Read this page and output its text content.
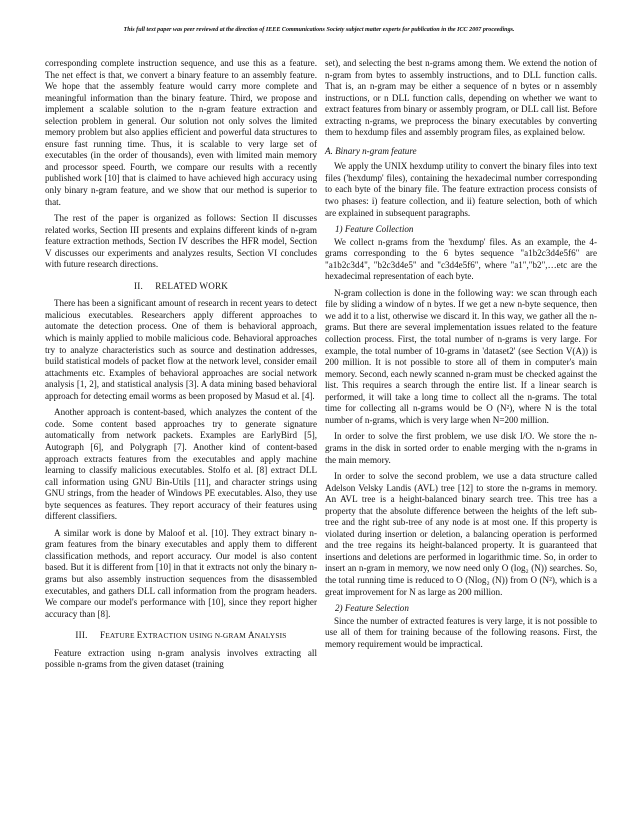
This full text paper was peer reviewed at the direction of IEEE Communications Society subject matter experts for publication in the ICC 2007 proceedings.

corresponding complete instruction sequence, and use this as a feature. The net effect is that, we convert a binary feature to an assembly feature. We hope that the assembly feature would carry more complete and meaningful information than the binary feature. Third, we propose and implement a scalable solution to the n-gram feature extraction and selection problem in general. Our solution not only solves the limited memory problem but also applies efficient and powerful data structures to ensure fast running time. Thus, it is scalable to very large set of executables (in the order of thousands), even with limited main memory and processor speed. Fourth, we compare our results with a recently published work [10] that is claimed to have achieved high accuracy using only binary n-gram feature, and we show that our method is superior to that.

The rest of the paper is organized as follows: Section II discusses related works, Section III presents and explains different kinds of n-gram feature extraction methods, Section IV describes the HFR model, Section V discusses our experiments and analyzes results, Section VI concludes with future research directions.

II. RELATED WORK

There has been a significant amount of research in recent years to detect malicious executables. Researchers apply different approaches to automate the detection process. One of them is behavioral approach, which is mainly applied to mobile malicious code. Behavioral approaches try to analyze characteristics such as source and destination addresses, build statistical models of packet flow at the network level, consider email attachments etc. Examples of behavioral approaches are social network analysis [1, 2], and statistical analysis [3]. A data mining based behavioral approach for detecting email worms as been proposed by Masud et al. [4].

Another approach is content-based, which analyzes the content of the code. Some content based approaches try to generate signature automatically from network packets. Examples are EarlyBird [5], Autograph [6], and Polygraph [7]. Another kind of content-based approach extracts features from the executables and apply machine learning to classify malicious executables. Stolfo et al. [8] extract DLL call information using GNU Bin-Utils [11], and character strings using GNU strings, from the header of Windows PE executables. Also, they use byte sequences as features. They report accuracy of their features using different classifiers.

A similar work is done by Maloof et al. [10]. They extract binary n-gram features from the binary executables and apply them to different classification methods, and report accuracy. Our model is also content based. But it is different from [10] in that it extracts not only the binary n-grams but also assembly instruction sequences from the disassembled executables, and gathers DLL call information from the program headers. We compare our model's performance with [10], since they report higher accuracy than [8].

III. FEATURE EXTRACTION USING N-GRAM ANALYSIS

Feature extraction using n-gram analysis involves extracting all possible n-grams from the given dataset (training

set), and selecting the best n-grams among them. We extend the notion of n-gram from bytes to assembly instructions, and to DLL function calls. That is, an n-gram may be either a sequence of n bytes or n assembly instructions, or n DLL function calls, depending on whether we want to extract features from binary or assembly program, or DLL call list. Before extracting n-grams, we preprocess the binary executables by converting them to hexdump files and assembly program files, as explained below.

A. Binary n-gram feature

We apply the UNIX hexdump utility to convert the binary files into text files ('hexdump' files), containing the hexadecimal number corresponding to each byte of the binary file. The feature extraction process consists of two phases: i) feature collection, and ii) feature selection, both of which are explained in subsequent paragraphs.

1) Feature Collection

We collect n-grams from the 'hexdump' files. As an example, the 4-grams corresponding to the 6 bytes sequence "a1b2c3d4e5f6" are "a1b2c3d4", "b2c3d4e5" and "c3d4e5f6", where "a1","b2",…etc are the hexadecimal representation of each byte.

N-gram collection is done in the following way: we scan through each file by sliding a window of n bytes. If we get a new n-byte sequence, then we add it to a list, otherwise we discard it. In this way, we gather all the n-grams. But there are several implementation issues related to the feature collection process. First, the total number of n-grams is very large. For example, the total number of 10-grams in 'dataset2' (see Section V(A)) is 200 million. It is not possible to store all of them in computer's main memory. Second, each newly scanned n-gram must be checked against the list. This requires a search through the entire list. If a linear search is performed, it will take a long time to collect all the n-grams. The total time for collecting all n-grams would be O (N²), where N is the total number of n-grams, which is very large when N=200 million.

In order to solve the first problem, we use disk I/O. We store the n-grams in the disk in sorted order to enable merging with the n-grams in the main memory.

In order to solve the second problem, we use a data structure called Adelson Velsky Landis (AVL) tree [12] to store the n-grams in memory. An AVL tree is a height-balanced binary search tree. This tree has a property that the absolute difference between the heights of the left sub-tree and the right sub-tree of any node is at most one. If this property is violated during insertion or deletion, a balancing operation is performed and the tree regains its height-balanced property. It is guaranteed that insertions and deletions are performed in logarithmic time. So, in order to insert an n-gram in memory, we now need only O (log₂ (N)) searches. So, the total running time is reduced to O (Nlog₂ (N)) from O (N²), which is a great improvement for N as large as 200 million.

2) Feature Selection

Since the number of extracted features is very large, it is not possible to use all of them for training because of the following reasons. First, the memory requirement would be impractical.
